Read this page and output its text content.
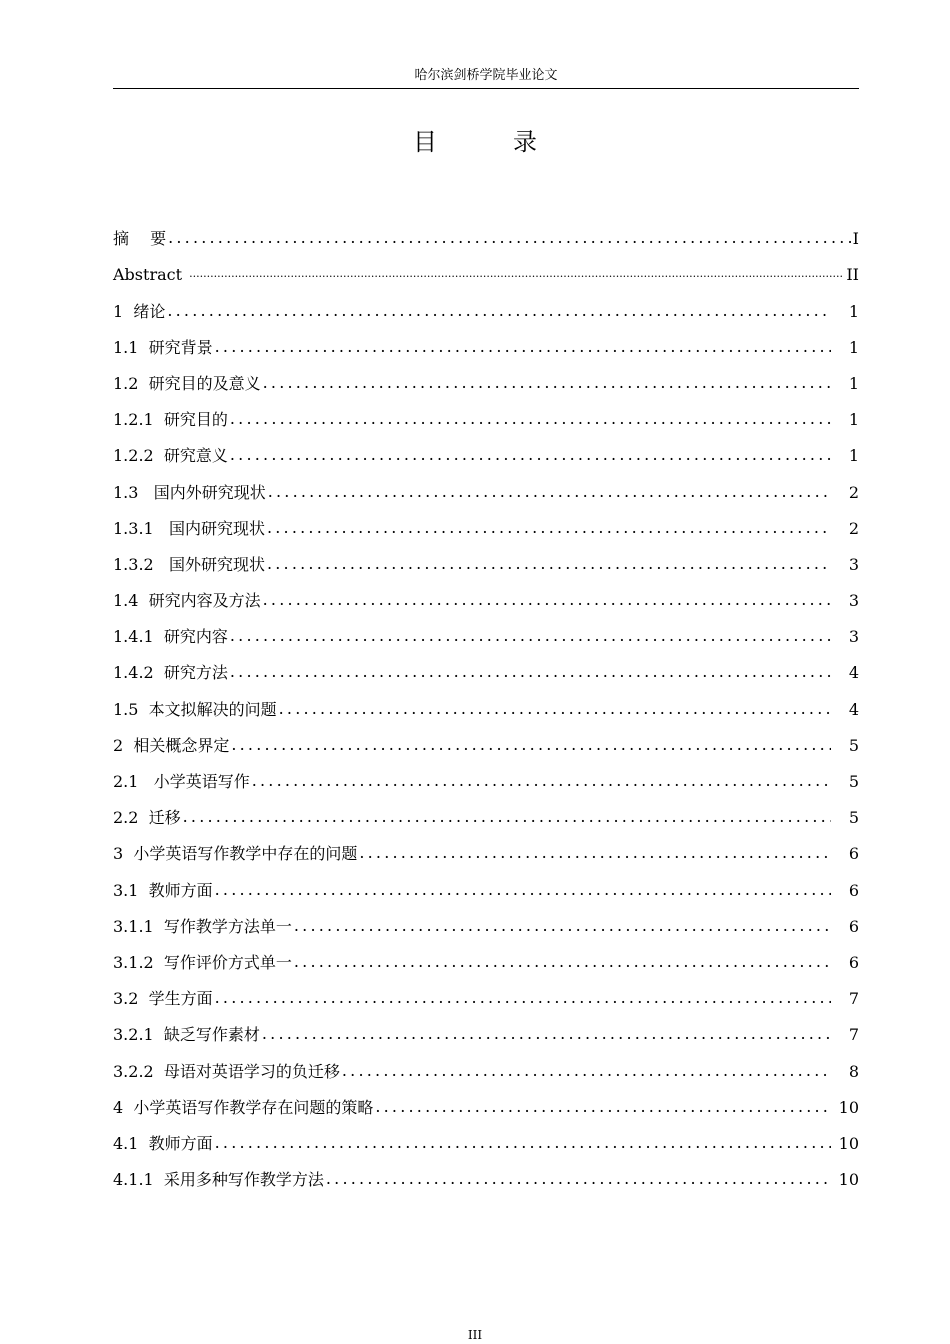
哈尔滨剑桥学院毕业论文
目　录
摘　 要 .....	I
Abstract .....	II
1  绪论 .....	1
1.1  研究背景 .....	1
1.2  研究目的及意义 .....	1
1.2.1  研究目的 .....	1
1.2.2  研究意义 .....	1
1.3   国内外研究现状 .....	2
1.3.1   国内研究现状 .....	2
1.3.2   国外研究现状 .....	3
1.4  研究内容及方法 .....	3
1.4.1  研究内容 .....	3
1.4.2  研究方法 .....	4
1.5  本文拟解决的问题 .....	4
2  相关概念界定 .....	5
2.1   小学英语写作 .....	5
2.2  迁移 .....	5
3  小学英语写作教学中存在的问题 .....	6
3.1  教师方面 .....	6
3.1.1  写作教学方法单一 .....	6
3.1.2  写作评价方式单一 .....	6
3.2  学生方面 .....	7
3.2.1  缺乏写作素材 .....	7
3.2.2  母语对英语学习的负迁移 .....	8
4  小学英语写作教学存在问题的策略 .....	10
4.1  教师方面 .....	10
4.1.1  采用多种写作教学方法 .....	10
III
